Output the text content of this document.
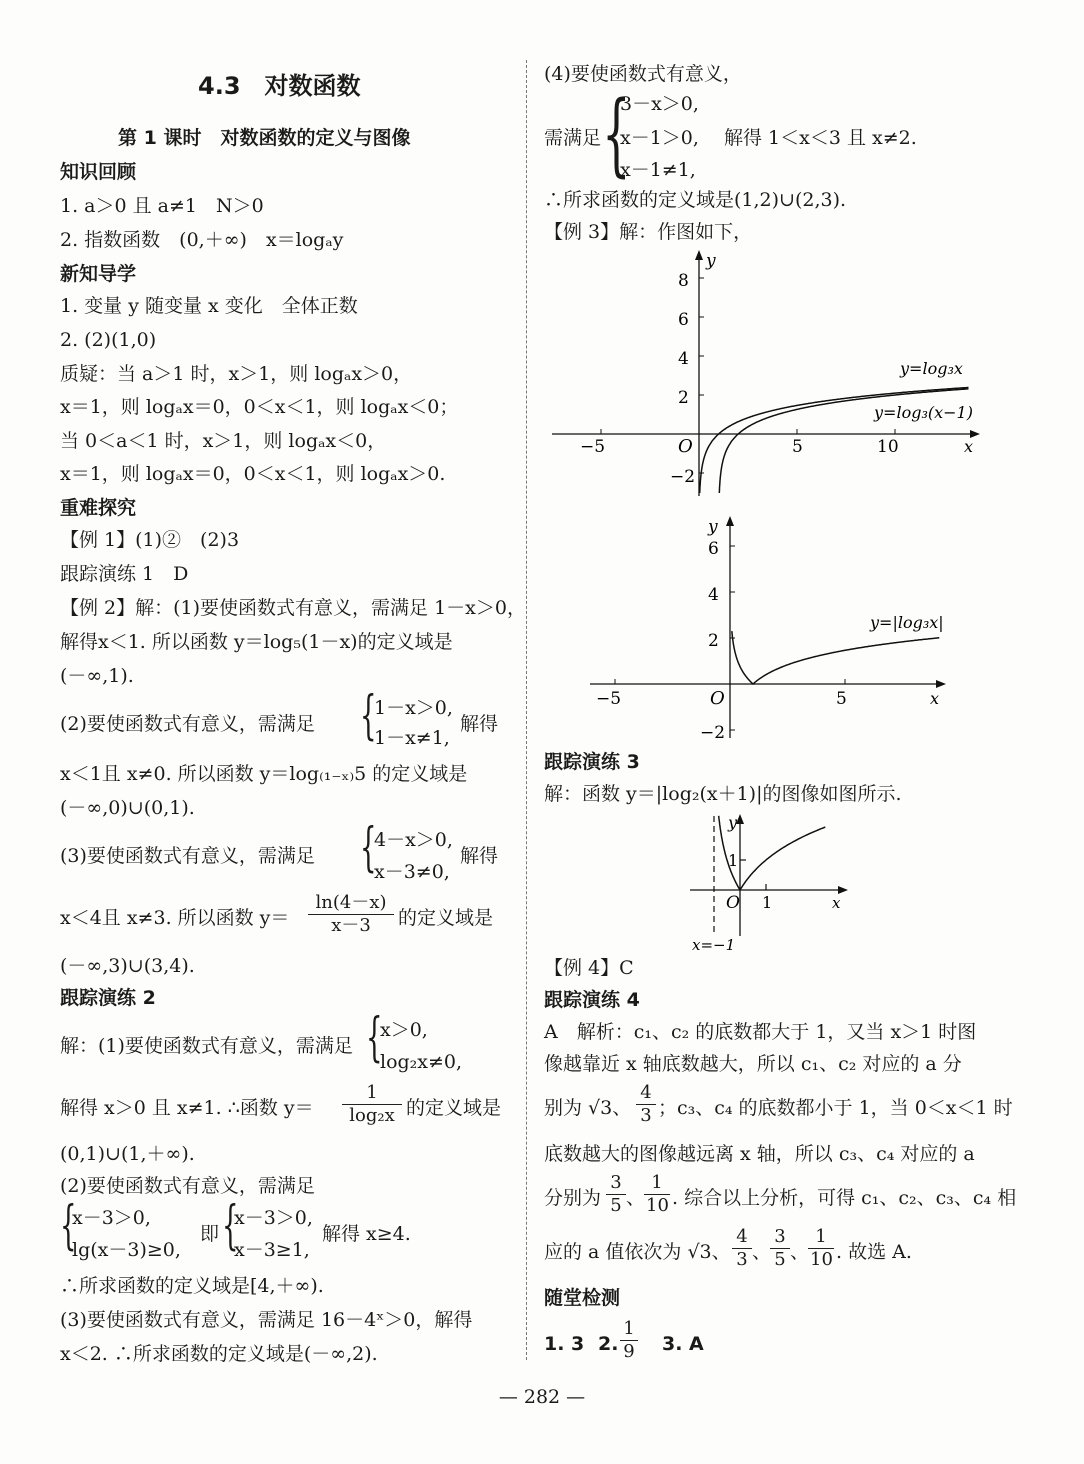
4.3　对数函数
第 1 课时　对数函数的定义与图像
知识回顾
1. a＞0 且 a≠1　N＞0
2. 指数函数　(0,＋∞)　x＝logₐy
新知导学
1. 变量 y 随变量 x 变化　全体正数
2. (2)(1,0)
质疑：当 a＞1 时，x＞1，则 logₐx＞0，
x＝1，则 logₐx＝0，0＜x＜1，则 logₐx＜0；
当 0＜a＜1 时，x＞1，则 logₐx＜0，
x＝1，则 logₐx＝0，0＜x＜1，则 logₐx＞0.
重难探究
【例 1】(1)②　(2)3
跟踪演练 1　D
【例 2】解：(1)要使函数式有意义，需满足 1－x＞0，
解得x＜1. 所以函数 y＝log₅(1－x)的定义域是
(－∞,1).
(2)要使函数式有意义，需满足 {
1－x＞0,
1－x≠1,
解得
x＜1且 x≠0. 所以函数 y＝log₍₁₋ₓ₎5 的定义域是
(－∞,0)∪(0,1).
(3)要使函数式有意义，需满足 {
4－x＞0,
x－3≠0,
解得
x＜4且 x≠3. 所以函数 $y= \frac{\ln(4-x)}{x-3}$ 的定义域是
(－∞,3)∪(3,4).
跟踪演练 2
解：(1)要使函数式有意义，需满足 {
x＞0,
log₂x≠0,
解得 x＞0 且 x≠1. ∴函数 $y= \frac{1}{\text{log₂x}}$ 的定义域是
(0,1)∪(1,＋∞).
(2)要使函数式有意义，需满足
{
x－3＞0,
lg(x－3)≥0,
即 {
x－3＞0,
x－3≥1,
解得 x≥4.
∴所求函数的定义域是[4,＋∞).
(3)要使函数式有意义，需满足 16－4ˣ＞0，解得
x＜2. ∴所求函数的定义域是(－∞,2).
(4)要使函数式有意义，
需满足 {
3－x＞0,
x－1＞0,
x－1≠1,
解得 1＜x＜3 且 x≠2.
∴所求函数的定义域是(1,2)∪(2,3).
【例 3】解：作图如下，
O
y
x
y=log₃x
y=log₃(x−1)
−5	5	10
8
6
4
2
−2
O
y
x
y=|log₃x|
−5	5
6
4
2
−2
跟踪演练 3
解：函数 y＝|log₂(x＋1)|的图像如图所示.
O
y
x
1
1
x=−1
【例 4】C
跟踪演练 4
A　解析：c₁、c₂ 的底数都大于 1，又当 x＞1 时图
像越靠近 x 轴底数越大，所以 c₁、c₂ 对应的 a 分
别为 √3、 $\frac{4}{3}$ ；c₃、c₄ 的底数都小于 1，当 0＜x＜1 时
底数越大的图像越远离 x 轴，所以 c₃、c₄ 对应的 a
分别为 $\frac{3}{5}$ 、
$\frac{1}{10}$ . 综合以上分析，可得 c₁、c₂、c₃、c₄ 相
应的 a 值依次为 √3、 $\frac{4}{3}$ 、
$\frac{3}{5}$ 、
$\frac{1}{10}$ . 故选 A.
随堂检测
1. 3 2. $\frac{1}{9} 3$. A
— 282 —
